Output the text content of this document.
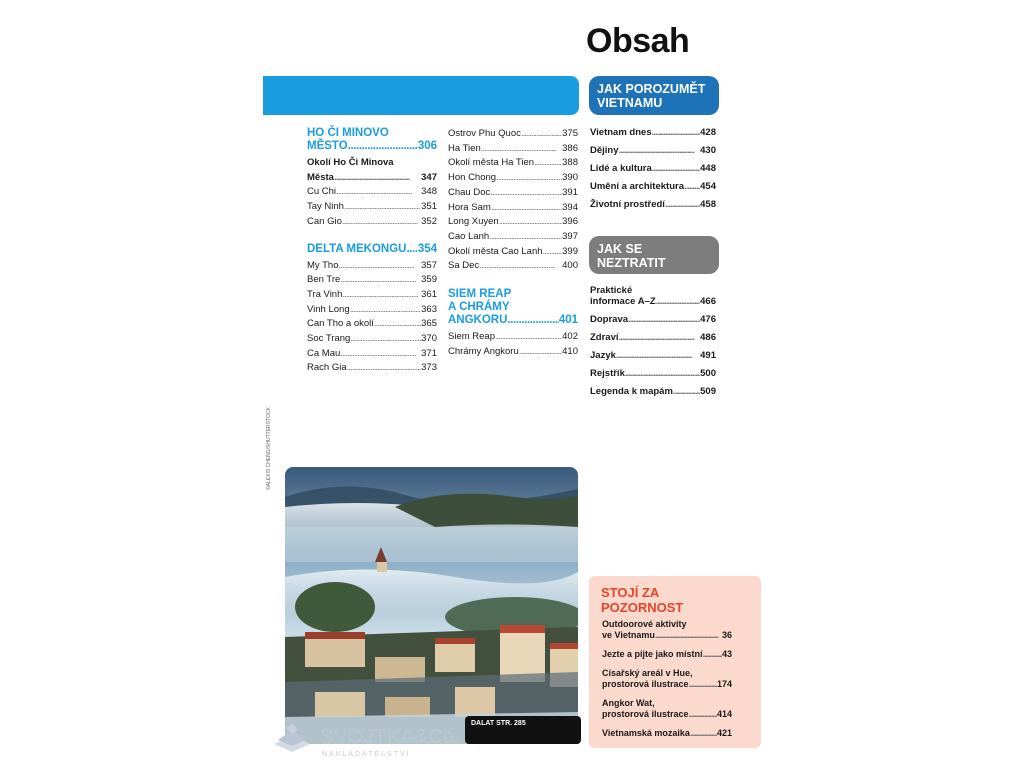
Obsah
JAK POROZUMĚT VIETNAMU
HO ČI MINOVO
MĚSTO . . .	306
Okolí Ho Či Minova
Města . . .	347
Cu Chi . . .	348
Tay Ninh . . .	351
Can Gio . . .	352
DELTA MEKONGU . . . 354
My Tho . . .	357
Ben Tre . . .	359
Tra Vinh . . .	361
Vinh Long . . .	363
Can Tho a okolí . . .	365
Soc Trang . . .	370
Ca Mau . . .	371
Rach Gia . . .	373
Ostrov Phu Quoc . . .	375
Ha Tien . . .	386
Okolí města Ha Tien . . .	388
Hon Chong . . .	390
Chau Doc . . .	391
Hora Sam . . .	394
Long Xuyen . . .	396
Cao Lanh . . .	397
Okolí města Cao Lanh . . . 399
Sa Dec . . .	400
SIEM REAP
A CHRÁMY
ANGKORU . . .	401
Siem Reap . . .	402
Chrámy Angkoru . . .	410
Vietnam dnes . . .	428
Dějiny . . .	430
Lidé a kultura . . .	448
Umění a architektura . . . 454
Životní prostředí . . .	458
JAK SE NEZTRATIT
Praktické
informace A–Z . . .	466
Doprava . . .	476
Zdraví . . .	486
Jazyk . . .	491
Rejstřík . . .	500
Legenda k mapám . . .	509
©ALEXIS CHENG/SHUTTERSTOCK
DALAT STR. 285
STOJÍ ZA POZORNOST
Outdoorové aktivity
ve Vietnamu . . .	36
Jezte a pijte jako místní . . . 43
Císařský areál v Hue,
prostorová ilustrace . . .	174
Angkor Wat,
prostorová ilustrace . . .	414
Vietnamská mozaika . . .	421
SVOJTKA&Co.
NAKLADATELSTVÍ
